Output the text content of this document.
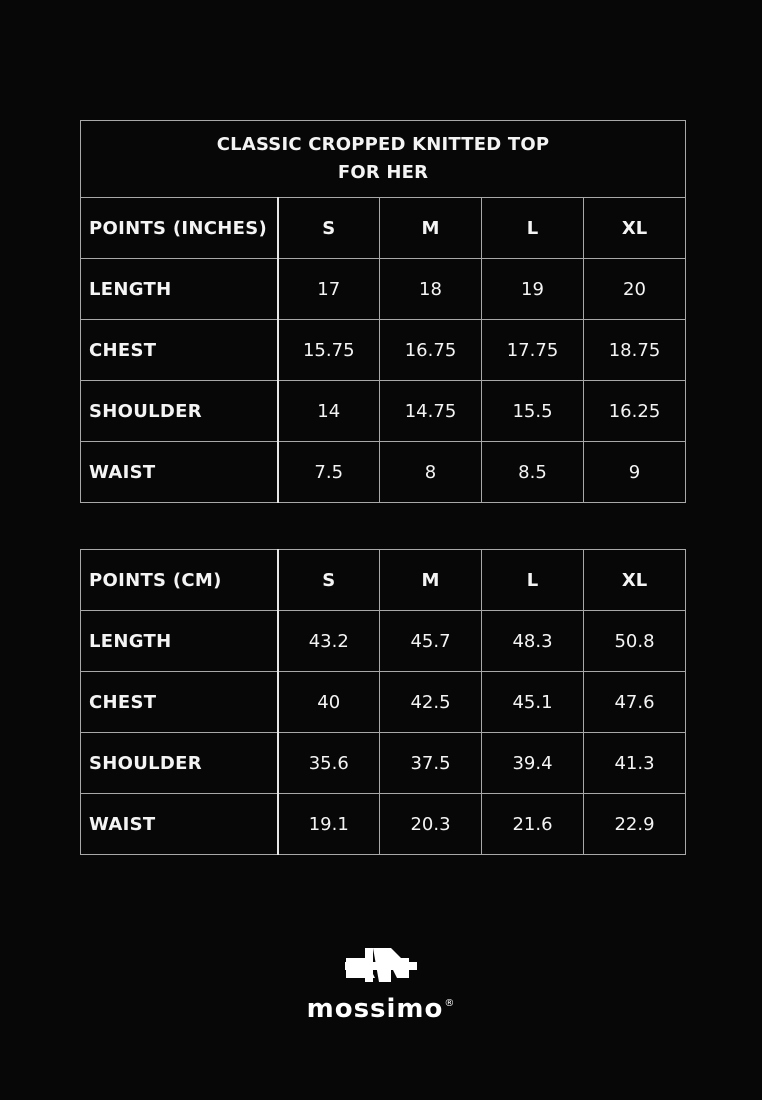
CLASSIC CROPPED KNITTED TOP
FOR HER				

POINTS (INCHES)	S	M	L	XL
LENGTH	17	18	19	20
CHEST	15.75	16.75	17.75	18.75
SHOULDER	14	14.75	15.5	16.25
WAIST	7.5	8	8.5	9
POINTS (CM)	S	M	L	XL
LENGTH	43.2	45.7	48.3	50.8
CHEST	40	42.5	45.1	47.6
SHOULDER	35.6	37.5	39.4	41.3
WAIST	19.1	20.3	21.6	22.9
mossimo®
